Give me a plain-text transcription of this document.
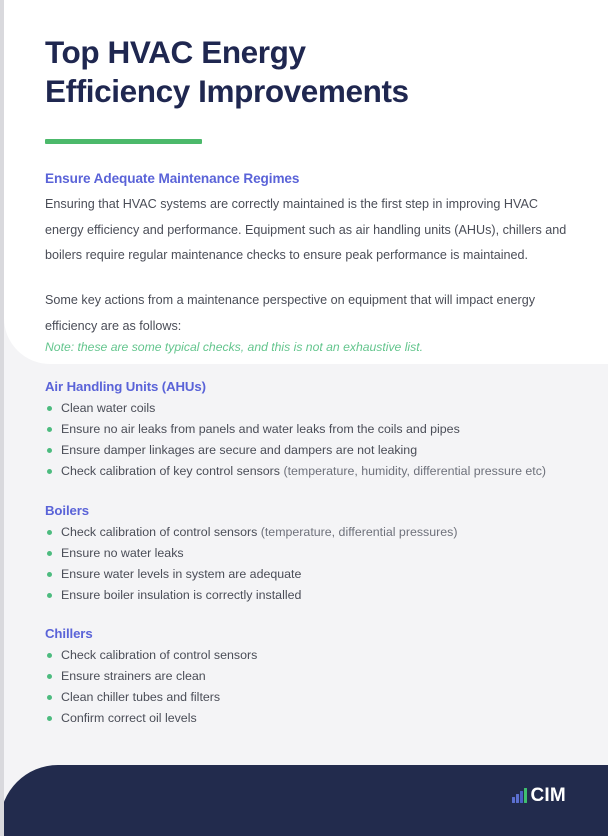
Top HVAC Energy
Efficiency Improvements
Ensure Adequate Maintenance Regimes

Ensuring that HVAC systems are correctly maintained is the first step in improving HVAC energy efficiency and performance. Equipment such as air handling units (AHUs), chillers and boilers require regular maintenance checks to ensure peak performance is maintained.

Some key actions from a maintenance perspective on equipment that will impact energy efficiency are as follows:

Note: these are some typical checks, and this is not an exhaustive list.

Air Handling Units (AHUs)
Clean water coils
Ensure no air leaks from panels and water leaks from the coils and pipes
Ensure damper linkages are secure and dampers are not leaking
Check calibration of key control sensors (temperature, humidity, differential pressure etc)
Boilers
Check calibration of control sensors (temperature, differential pressures)
Ensure no water leaks
Ensure water levels in system are adequate
Ensure boiler insulation is correctly installed
Chillers
Check calibration of control sensors
Ensure strainers are clean
Clean chiller tubes and filters
Confirm correct oil levels
CIM
